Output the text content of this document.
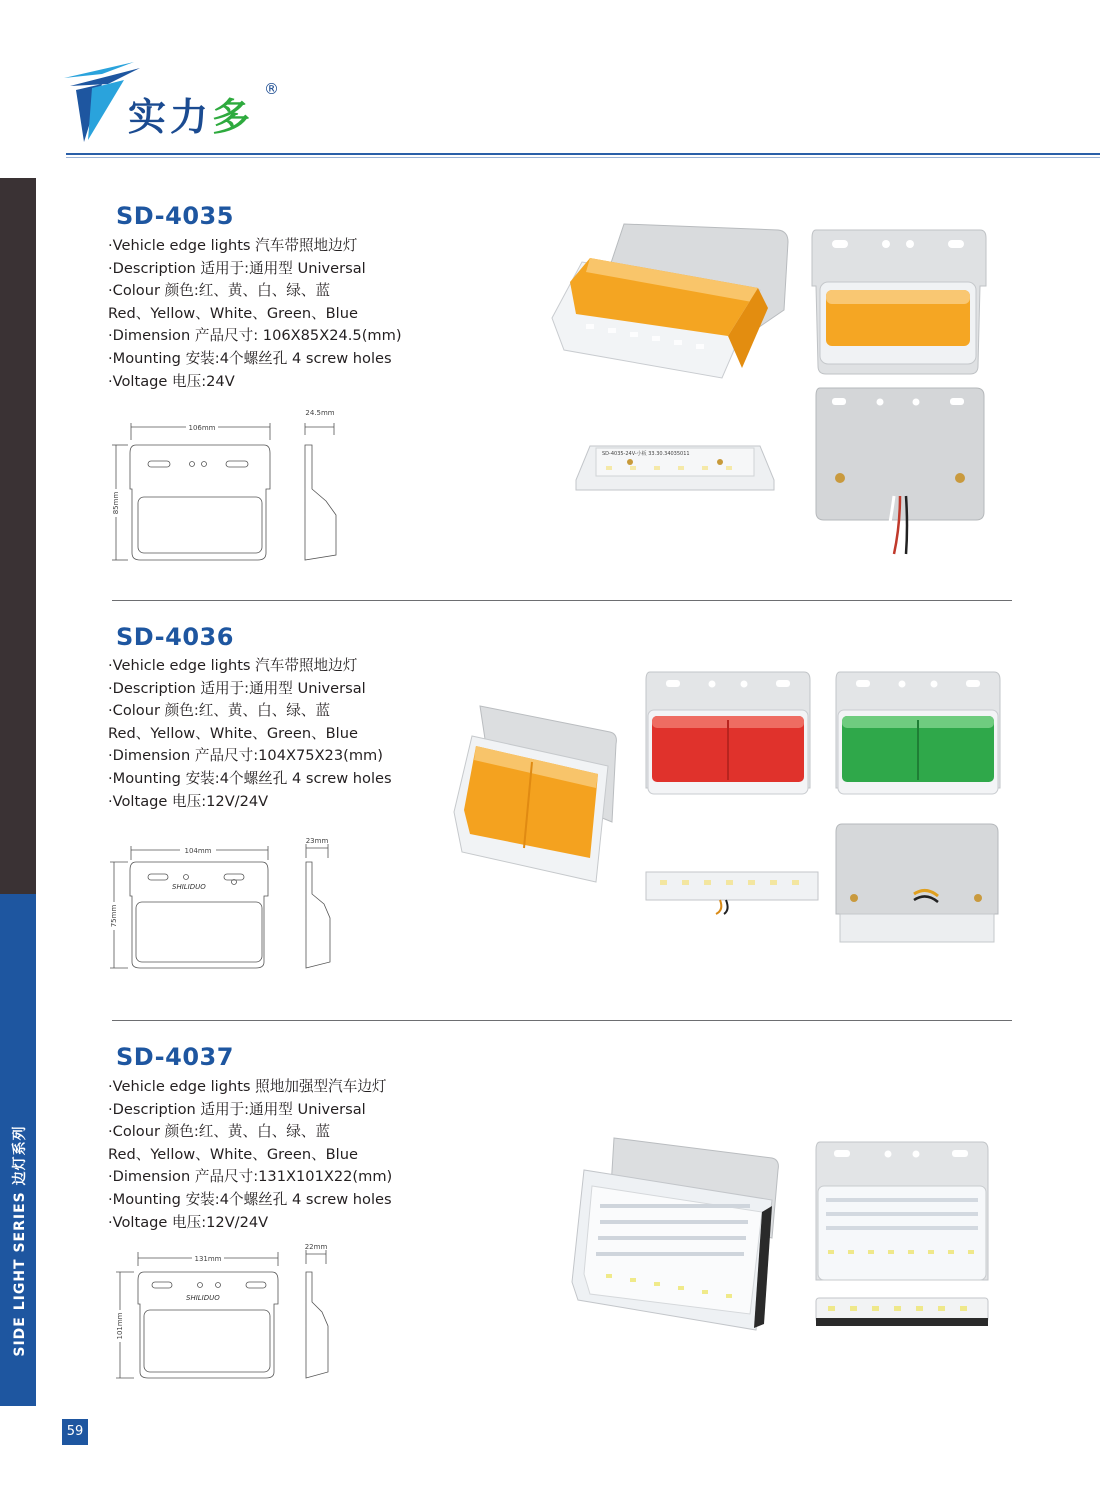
实力多
®
SIDE LIGHT SERIES 边灯系列
59
SD-4035
·Vehicle edge lights 汽车带照地边灯
·Description 适用于:通用型 Universal
·Colour 颜色:红、黄、白、绿、蓝
Red、Yellow、White、Green、Blue
·Dimension 产品尺寸: 106X85X24.5(mm)
·Mounting 安装:4个螺丝孔 4 screw holes
·Voltage 电压:24V
106mm
24.5mm
85mm
SD-4035-24V-小板 33.30.34035011
SD-4036
·Vehicle edge lights 汽车带照地边灯
·Description 适用于:通用型 Universal
·Colour 颜色:红、黄、白、绿、蓝
Red、Yellow、White、Green、Blue
·Dimension 产品尺寸:104X75X23(mm)
·Mounting 安装:4个螺丝孔 4 screw holes
·Voltage 电压:12V/24V
SHILIDUO
104mm
23mm
75mm
SD-4037
·Vehicle edge lights 照地加强型汽车边灯
·Description 适用于:通用型 Universal
·Colour 颜色:红、黄、白、绿、蓝
Red、Yellow、White、Green、Blue
·Dimension 产品尺寸:131X101X22(mm)
·Mounting 安装:4个螺丝孔 4 screw holes
·Voltage 电压:12V/24V
SHILIDUO
131mm
22mm
101mm
